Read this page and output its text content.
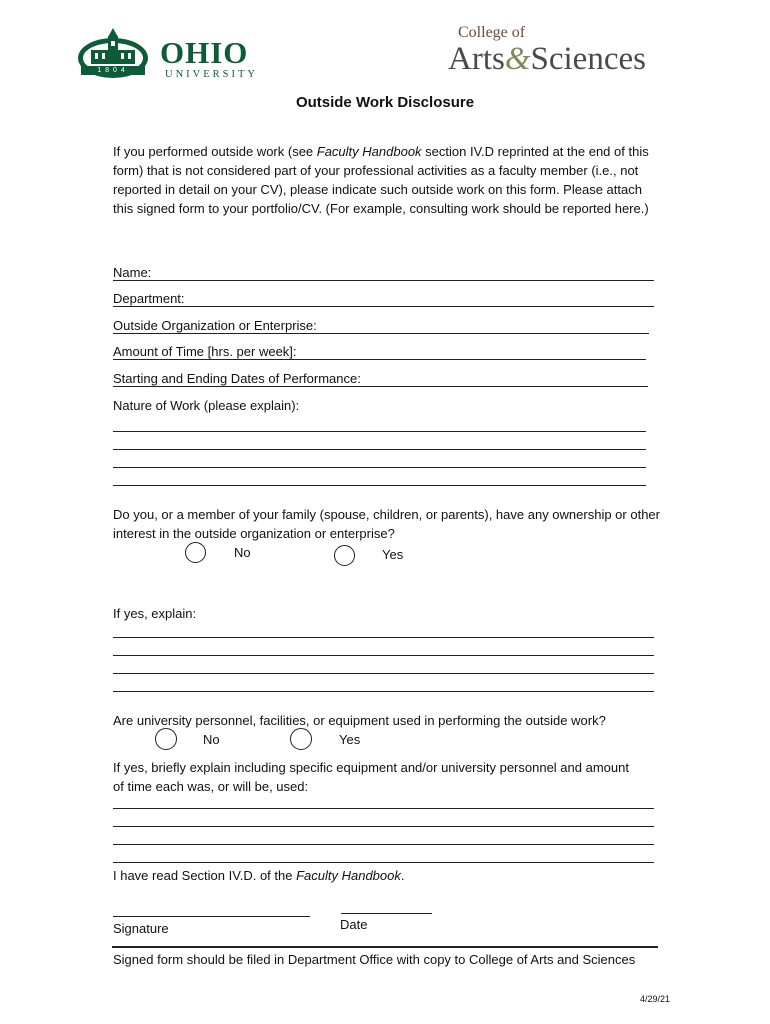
1804
OHIO
UNIVERSITY
College of
Arts&Sciences
Outside Work Disclosure
If you performed outside work (see Faculty Handbook section IV.D reprinted at the end of this form) that is not considered part of your professional activities as a faculty member (i.e., not reported in detail on your CV), please indicate such outside work on this form. Please attach this signed form to your portfolio/CV. (For example, consulting work should be reported here.)
Name:
Department:
Outside Organization or Enterprise:
Amount of Time [hrs. per week]:
Starting and Ending Dates of Performance:
Nature of Work (please explain):
Do you, or a member of your family (spouse, children, or parents), have any ownership or other interest in the outside organization or enterprise?
No	Yes
If yes, explain:
Are university personnel, facilities, or equipment used in performing the outside work?
No	Yes
If yes, briefly explain including specific equipment and/or university personnel and amount of time each was, or will be, used:
I have read Section IV.D. of the Faculty Handbook.
Signature	Date
Signed form should be filed in Department Office with copy to College of Arts and Sciences
4/29/21
